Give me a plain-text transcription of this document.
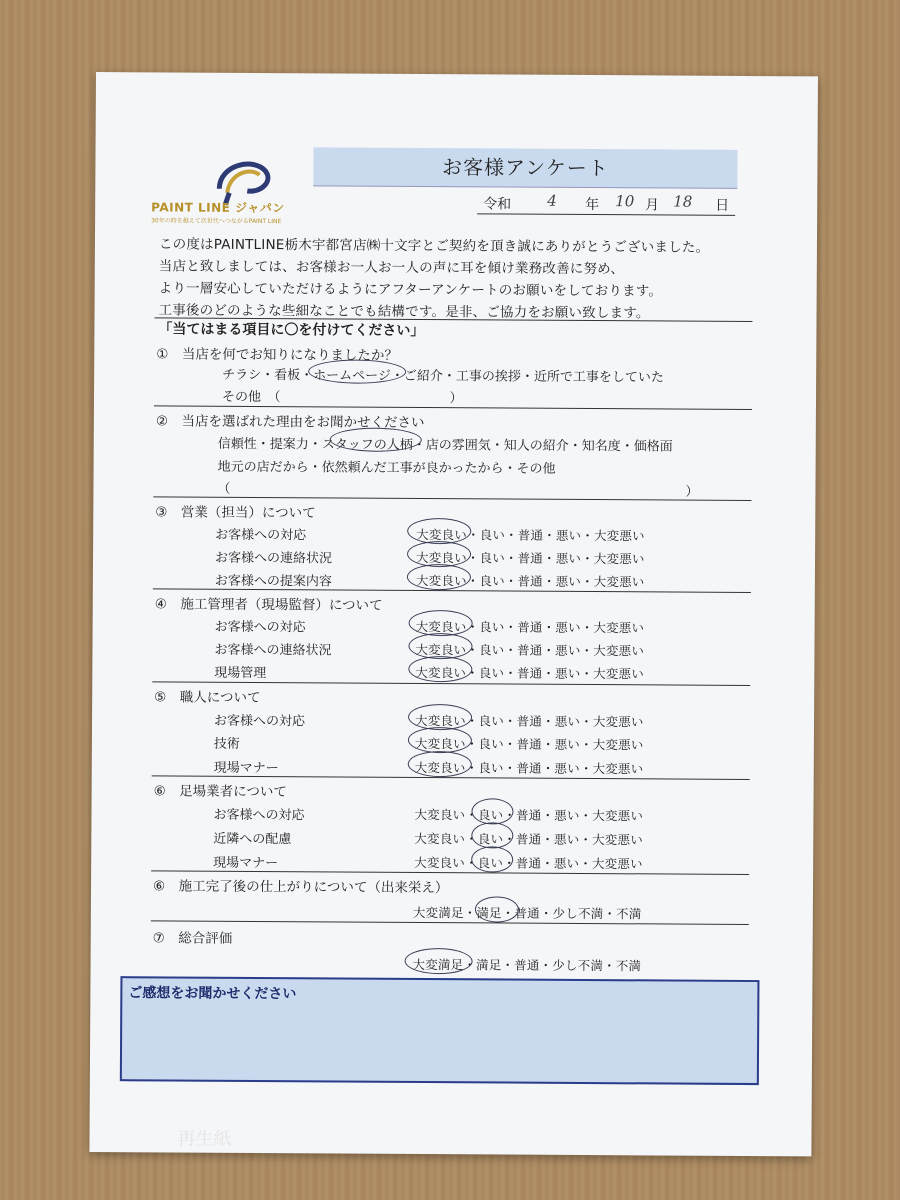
PAINT LINE ジャパン
30年の時を越えて次世代へつながるPAINT LINE
お客様アンケート
令和 4 年 10 月 18 日
この度はPAINTLINE栃木宇都宮店㈱十文字とご契約を頂き誠にありがとうございました。
当店と致しましては、お客様お一人お一人の声に耳を傾け業務改善に努め、
より一層安心していただけるようにアフターアンケートのお願いをしております。
工事後のどのような些細なことでも結構です。是非、ご協力をお願い致します。
「当てはまる項目に〇を付けてください」
①　当店を何でお知りになりましたか？
チラシ・看板・ホームページ・ご紹介・工事の挨拶・近所で工事をしていた
その他　（　　　　　　　　　　　　　）
②　当店を選ばれた理由をお聞かせください
信頼性・提案力・スタッフの人柄・店の雰囲気・知人の紹介・知名度・価格面
地元の店だから・依然頼んだ工事が良かったから・その他
（　　　　　　　　　　　　　　　　　　　　　　　　　　　　　　　　　　　）
③　営業（担当）について
お客様への対応	大変良い・良い・普通・悪い・大変悪い
お客様への連絡状況	大変良い・良い・普通・悪い・大変悪い
お客様への提案内容	大変良い・良い・普通・悪い・大変悪い
④　施工管理者（現場監督）について
お客様への対応	大変良い・良い・普通・悪い・大変悪い
お客様への連絡状況	大変良い・良い・普通・悪い・大変悪い
現場管理	大変良い・良い・普通・悪い・大変悪い
⑤　職人について
お客様への対応	大変良い・良い・普通・悪い・大変悪い
技術	大変良い・良い・普通・悪い・大変悪い
現場マナー	大変良い・良い・普通・悪い・大変悪い
⑥　足場業者について
お客様への対応	大変良い・良い・普通・悪い・大変悪い
近隣への配慮	大変良い・良い・普通・悪い・大変悪い
現場マナー	大変良い・良い・普通・悪い・大変悪い
⑥　施工完了後の仕上がりについて（出来栄え）
大変満足・満足・普通・少し不満・不満
⑦　総合評価
大変満足・満足・普通・少し不満・不満
ご感想をお聞かせください
再生紙
